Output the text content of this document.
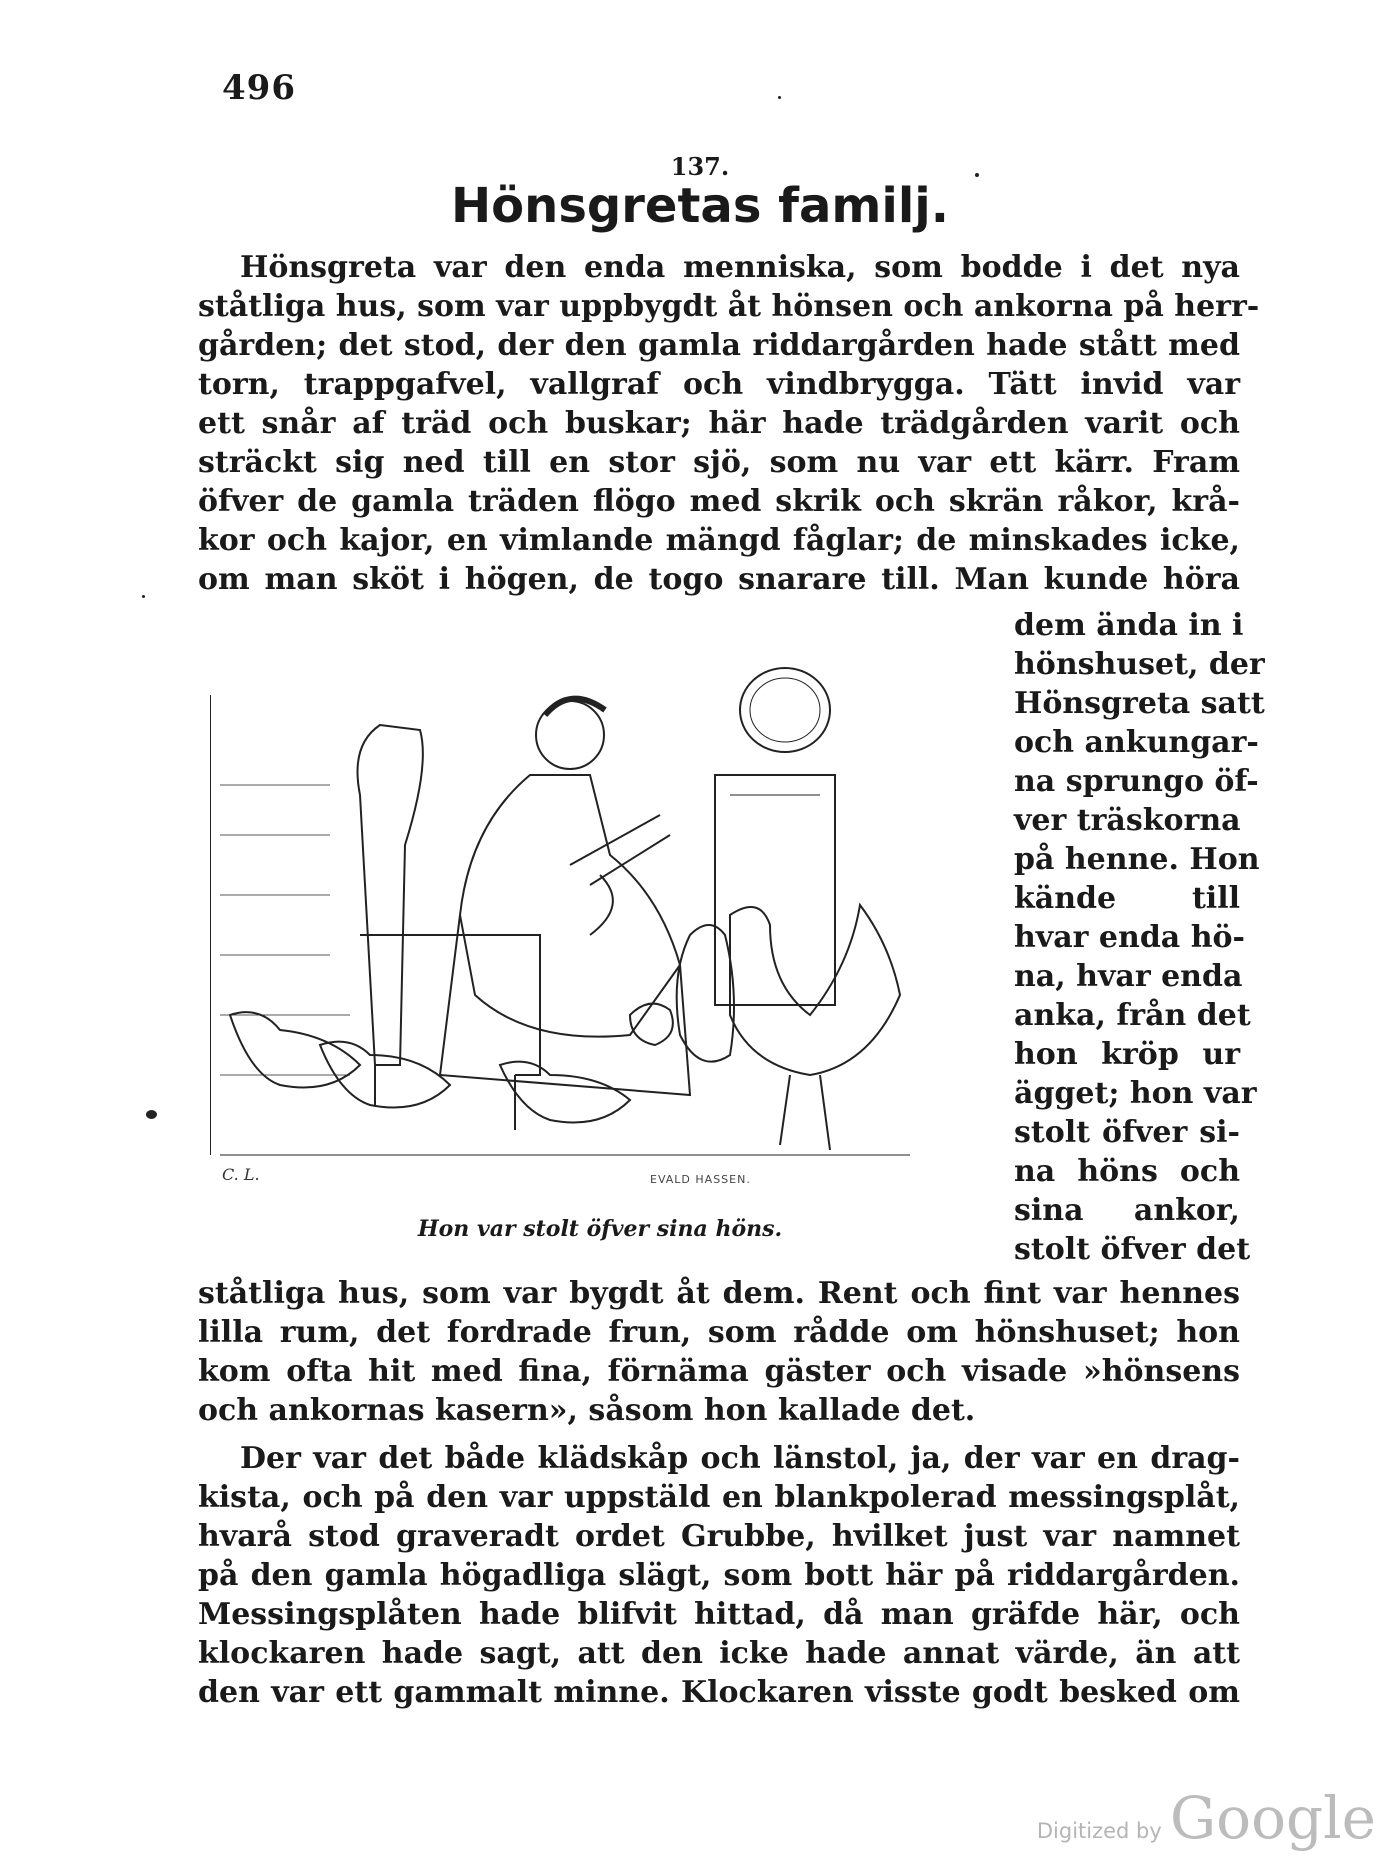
496
137.
Hönsgretas familj.
Hönsgreta var den enda menniska, som bodde i det nya
ståtliga hus, som var uppbygdt åt hönsen och ankorna på herr-
gården; det stod, der den gamla riddargården hade stått med
torn, trappgafvel, vallgraf och vindbrygga. Tätt invid var
ett snår af träd och buskar; här hade trädgården varit och
sträckt sig ned till en stor sjö, som nu var ett kärr. Fram
öfver de gamla träden flögo med skrik och skrän råkor, krå-
kor och kajor, en vimlande mängd fåglar; de minskades icke,
om man sköt i högen, de togo snarare till. Man kunde höra
dem ända in i
hönshuset, der
Hönsgreta satt
och ankungar-
na sprungo öf-
ver träskorna
på henne. Hon
kände till
hvar enda hö-
na, hvar enda
anka, från det
hon kröp ur
ägget; hon var
stolt öfver si-
na höns och
sina ankor,
stolt öfver det
C. L.	EVALD HASSEN.
Hon var stolt öfver sina höns.
ståtliga hus, som var bygdt åt dem. Rent och fint var hennes
lilla rum, det fordrade frun, som rådde om hönshuset; hon
kom ofta hit med fina, förnäma gäster och visade »hönsens
och ankornas kasern», såsom hon kallade det.
Der var det både klädskåp och länstol, ja, der var en drag-
kista, och på den var uppstäld en blankpolerad messingsplåt,
hvarå stod graveradt ordet Grubbe, hvilket just var namnet
på den gamla högadliga slägt, som bott här på riddargården.
Messingsplåten hade blifvit hittad, då man gräfde här, och
klockaren hade sagt, att den icke hade annat värde, än att
den var ett gammalt minne. Klockaren visste godt besked om
Digitized by Google
